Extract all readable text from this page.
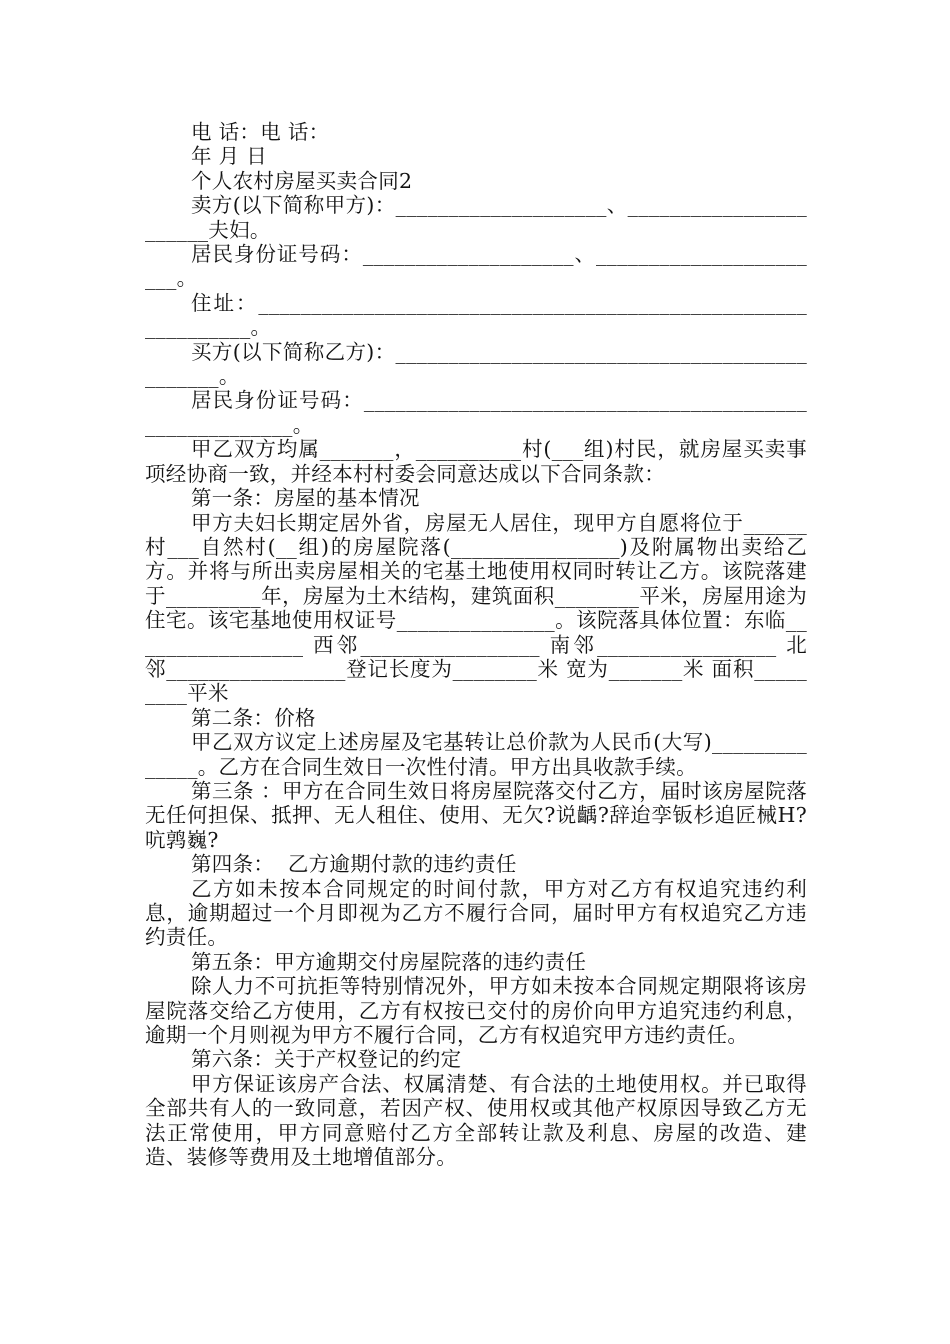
电 话：电 话：

年 月 日

个人农村房屋买卖合同2

卖方(以下简称甲方)：____________________、_______________________夫妇。

居民身份证号码：____________________、_______________________。

住址：______________________________________________________________。

买方(以下简称乙方)：______________________________________________。

居民身份证号码：________________________________________________________。

甲乙双方均属_______，__________村(___组)村民，就房屋买卖事项经协商一致，并经本村村委会同意达成以下合同条款：

第一条：房屋的基本情况

甲方夫妇长期定居外省，房屋无人居住，现甲方自愿将位于______村___自然村(__组)的房屋院落(________________)及附属物出卖给乙方。并将与所出卖房屋相关的宅基土地使用权同时转让乙方。该院落建于_________年，房屋为土木结构，建筑面积________平米，房屋用途为住宅。该宅基地使用权证号_______________。该院落具体位置：东临_________________ 西邻_________________ 南邻_________________ 北邻_________________登记长度为________米 宽为_______米 面积_________平米

第二条：价格

甲乙双方议定上述房屋及宅基转让总价款为人民币(大写)______________。乙方在合同生效日一次性付清。甲方出具收款手续。

第三条 ：甲方在合同生效日将房屋院落交付乙方，届时该房屋院落无任何担保、抵押、无人租住、使用、无欠?说齲?辞迨孪钣杉追匠械H?吭鹑巍?

第四条：  乙方逾期付款的违约责任

乙方如未按本合同规定的时间付款，甲方对乙方有权追究违约利息，逾期超过一个月即视为乙方不履行合同，届时甲方有权追究乙方违约责任。

第五条：甲方逾期交付房屋院落的违约责任

除人力不可抗拒等特别情况外，甲方如未按本合同规定期限将该房屋院落交给乙方使用，乙方有权按已交付的房价向甲方追究违约利息，逾期一个月则视为甲方不履行合同，乙方有权追究甲方违约责任。

第六条：关于产权登记的约定

甲方保证该房产合法、权属清楚、有合法的土地使用权。并已取得全部共有人的一致同意，若因产权、使用权或其他产权原因导致乙方无法正常使用，甲方同意赔付乙方全部转让款及利息、房屋的改造、建造、装修等费用及土地增值部分。
